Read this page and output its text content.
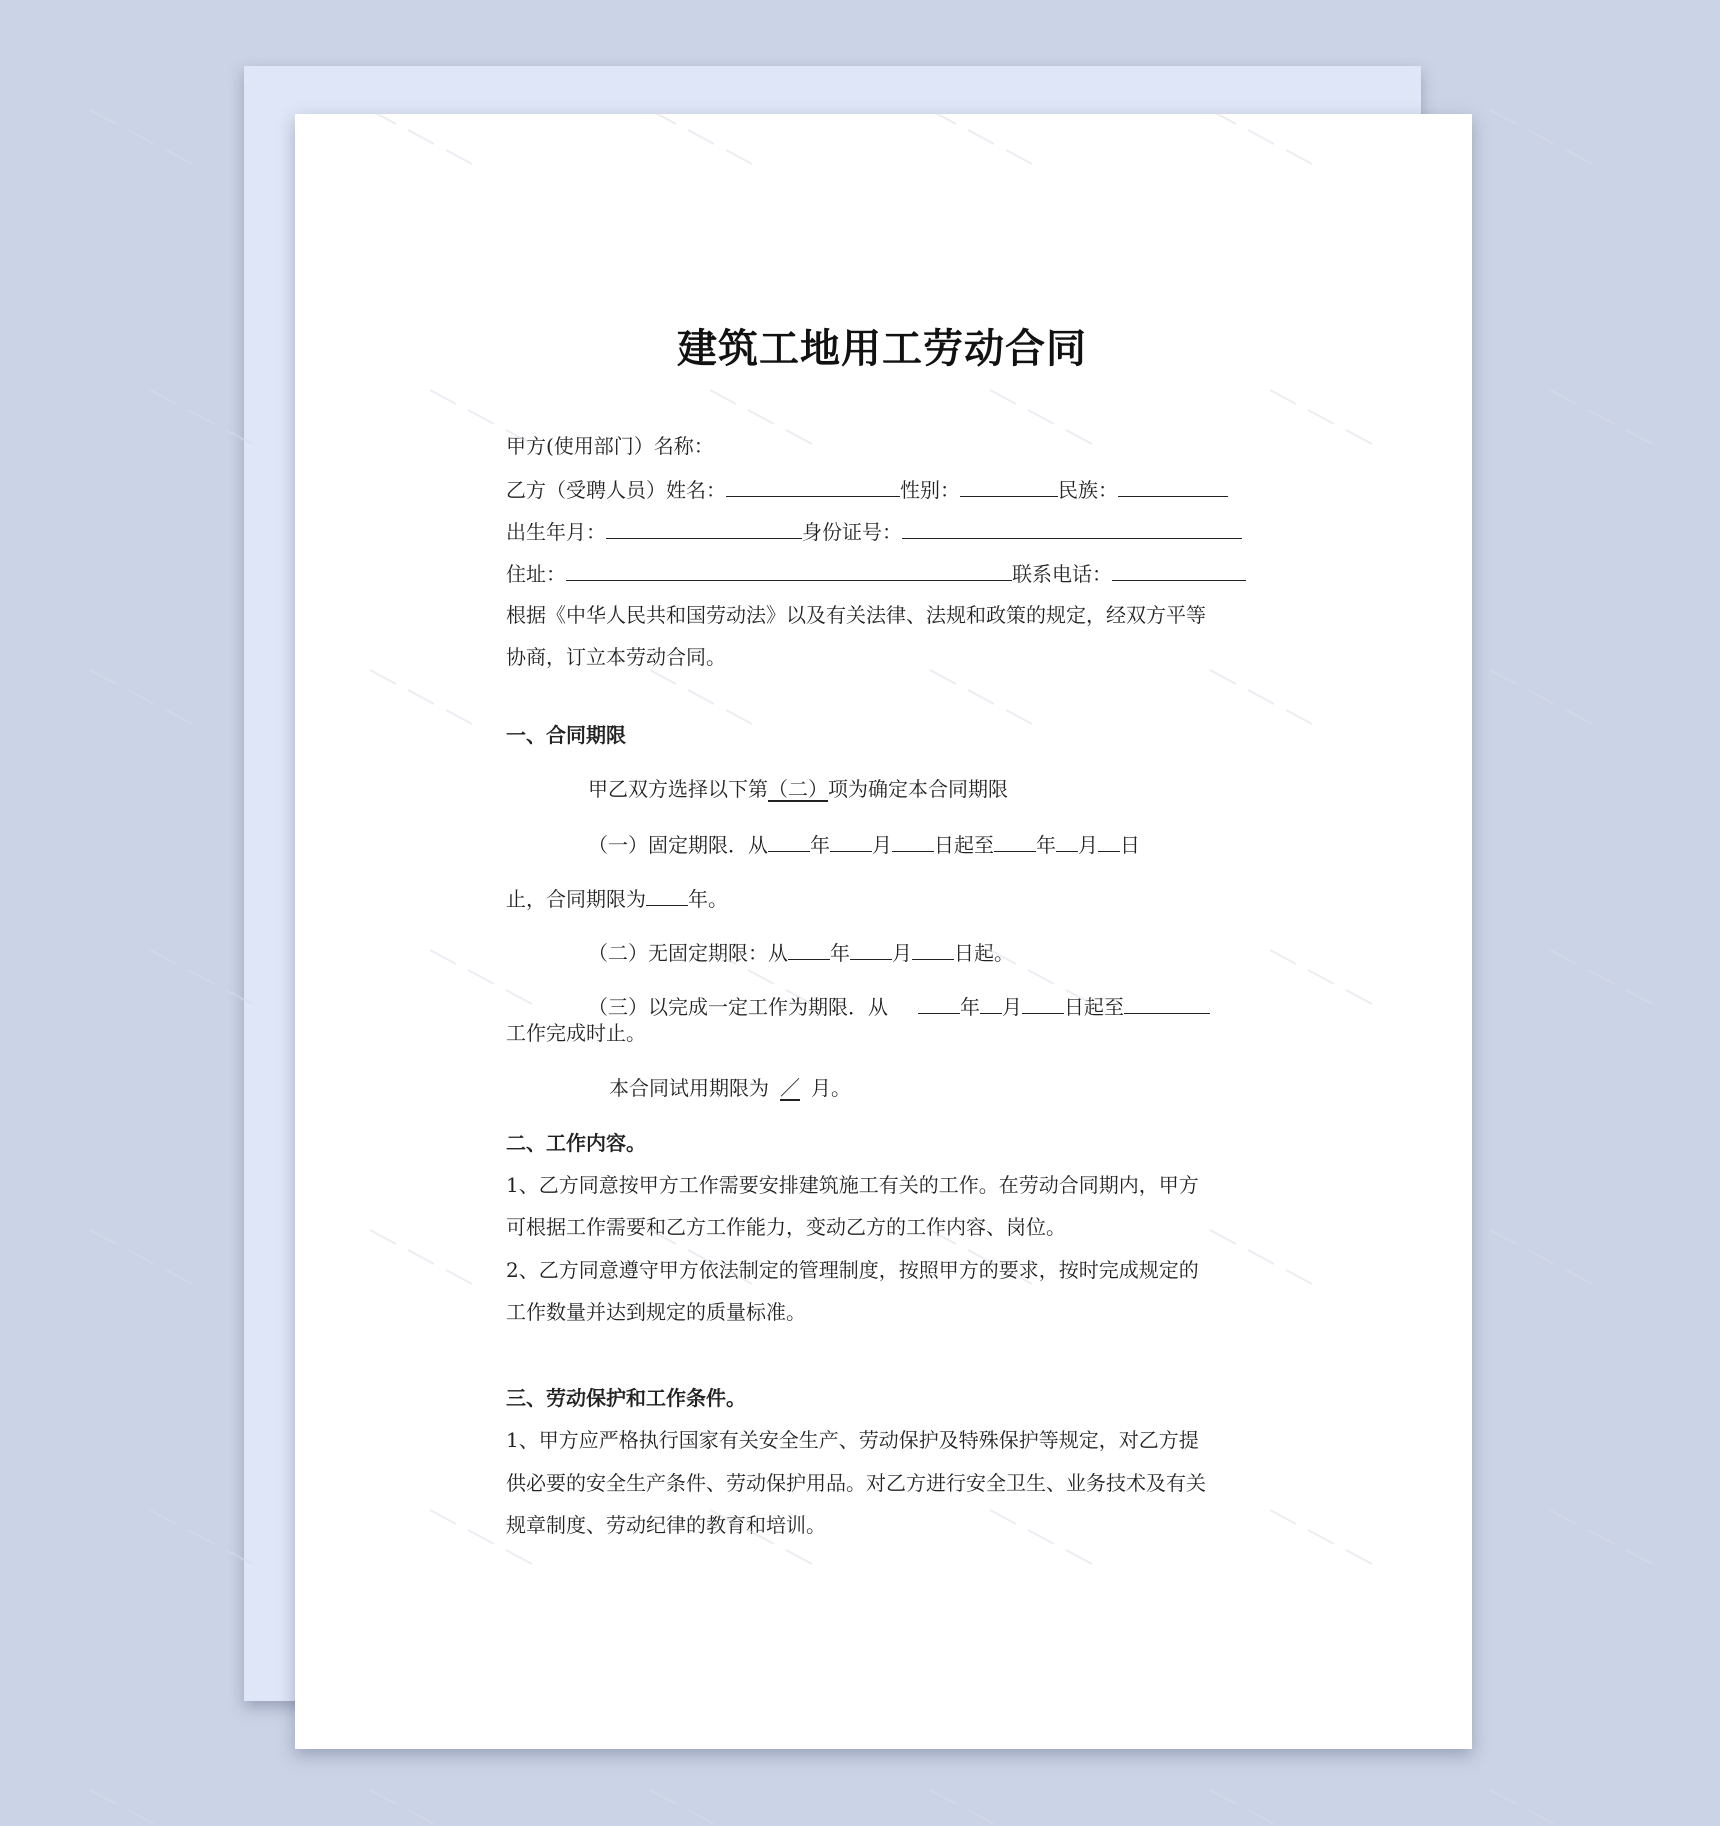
建筑工地用工劳动合同
甲方(使用部门）名称：
乙方（受聘人员）姓名：	性别：	民族：
出生年月：	身份证号：
住址：	联系电话：
根据《中华人民共和国劳动法》以及有关法律、法规和政策的规定，经双方平等
协商，订立本劳动合同。
一、合同期限
甲乙双方选择以下第（二）项为确定本合同期限
（一）固定期限．从 年 月 日起至 年 月 日
止，合同期限为 年。
（二）无固定期限：从 年 月 日起。
（三）以完成一定工作为期限．从	年 月 日起至
工作完成时止。
本合同试用期限为 ／ 月。
二、工作内容。
1、乙方同意按甲方工作需要安排建筑施工有关的工作。在劳动合同期内，甲方
可根据工作需要和乙方工作能力，变动乙方的工作内容、岗位。
2、乙方同意遵守甲方依法制定的管理制度，按照甲方的要求，按时完成规定的
工作数量并达到规定的质量标准。
三、劳动保护和工作条件。
1、甲方应严格执行国家有关安全生产、劳动保护及特殊保护等规定，对乙方提
供必要的安全生产条件、劳动保护用品。对乙方进行安全卫生、业务技术及有关
规章制度、劳动纪律的教育和培训。
